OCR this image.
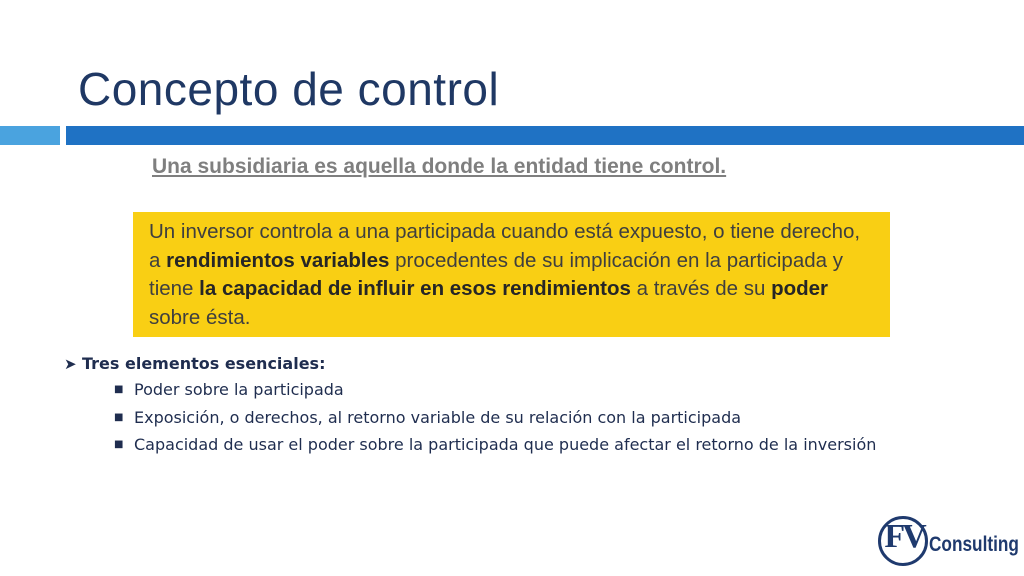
Concepto de control

Una subsidiaria es aquella donde la entidad tiene control.

Un inversor controla a una participada cuando está expuesto, o tiene derecho, a rendimientos variables procedentes de su implicación en la participada y tiene la capacidad de influir en esos rendimientos a través de su poder sobre ésta.
➤ Tres elementos esenciales:
■ Poder sobre la participada
■ Exposición, o derechos, al retorno variable de su relación con la participada
■ Capacidad de usar el poder sobre la participada que puede afectar el retorno de la inversión
FV Consulting
